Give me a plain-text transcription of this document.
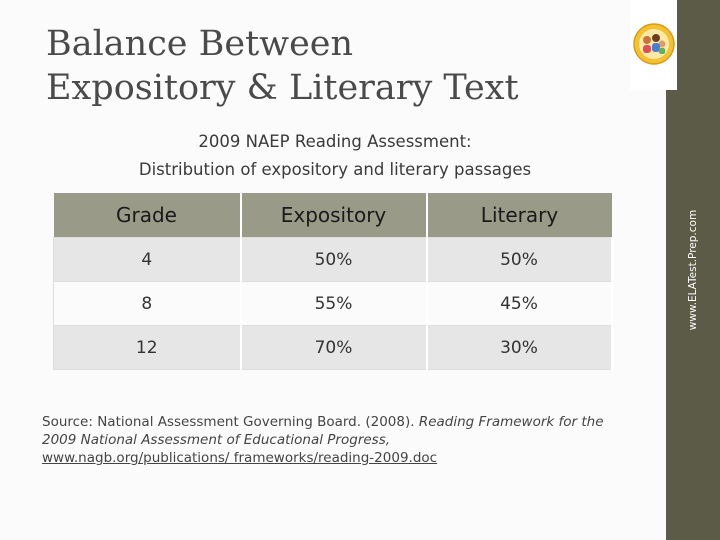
Balance Between
Expository & Literary Text
www.ELATest.Prep.com
2009 NAEP Reading Assessment:
Distribution of expository and literary passages
Grade	Expository	Literary
4	50%	50%
8	55%	45%
12	70%	30%
Source: National Assessment Governing Board. (2008). Reading Framework for the 2009 National Assessment of Educational Progress,
www.nagb.org/publications/ frameworks/reading-2009.doc
